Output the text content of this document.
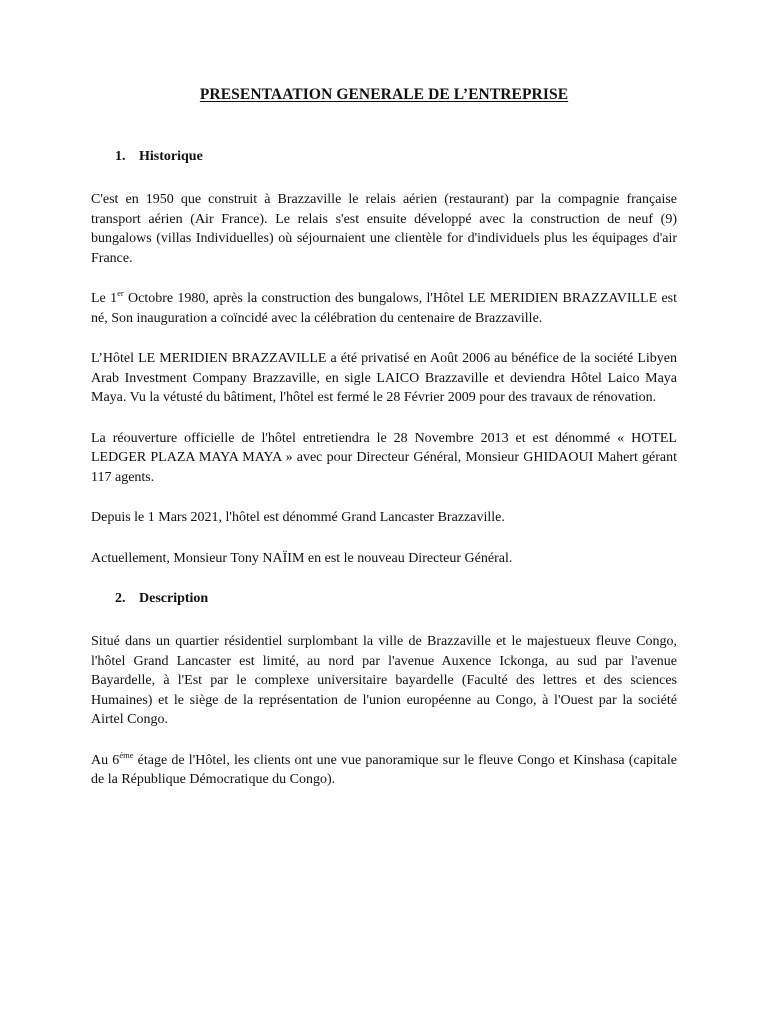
PRESENTAATION GENERALE DE L’ENTREPRISE
1. Historique

C'est en 1950 que construit à Brazzaville le relais aérien (restaurant) par la compagnie française transport aérien (Air France). Le relais s'est ensuite développé avec la construction de neuf (9) bungalows (villas Individuelles) où séjournaient une clientèle for d'individuels plus les équipages d'air France.

Le 1er Octobre 1980, après la construction des bungalows, l'Hôtel LE MERIDIEN BRAZZAVILLE est né, Son inauguration a coïncidé avec la célébration du centenaire de Brazzaville.

L’Hôtel LE MERIDIEN BRAZZAVILLE a été privatisé en Août 2006 au bénéfice de la société Libyen Arab Investment Company Brazzaville, en sigle LAICO Brazzaville et deviendra Hôtel Laico Maya Maya. Vu la vétusté du bâtiment, l'hôtel est fermé le 28 Février 2009 pour des travaux de rénovation.

La réouverture officielle de l'hôtel entretiendra le 28 Novembre 2013 et est dénommé « HOTEL LEDGER PLAZA MAYA MAYA » avec pour Directeur Général, Monsieur GHIDAOUI Mahert gérant 117 agents.

Depuis le 1 Mars 2021, l'hôtel est dénommé Grand Lancaster Brazzaville.

Actuellement, Monsieur Tony NAÏIM en est le nouveau Directeur Général.

2. Description

Situé dans un quartier résidentiel surplombant la ville de Brazzaville et le majestueux fleuve Congo, l'hôtel Grand Lancaster est limité, au nord par l'avenue Auxence Ickonga, au sud par l'avenue Bayardelle, à l'Est par le complexe universitaire bayardelle (Faculté des lettres et des sciences Humaines) et le siège de la représentation de l'union européenne au Congo, à l'Ouest par la société Airtel Congo.

Au $6^{éme}$ étage de l'Hôtel, les clients ont une vue panoramique sur le fleuve Congo et Kinshasa (capitale de la République Démocratique du Congo).
